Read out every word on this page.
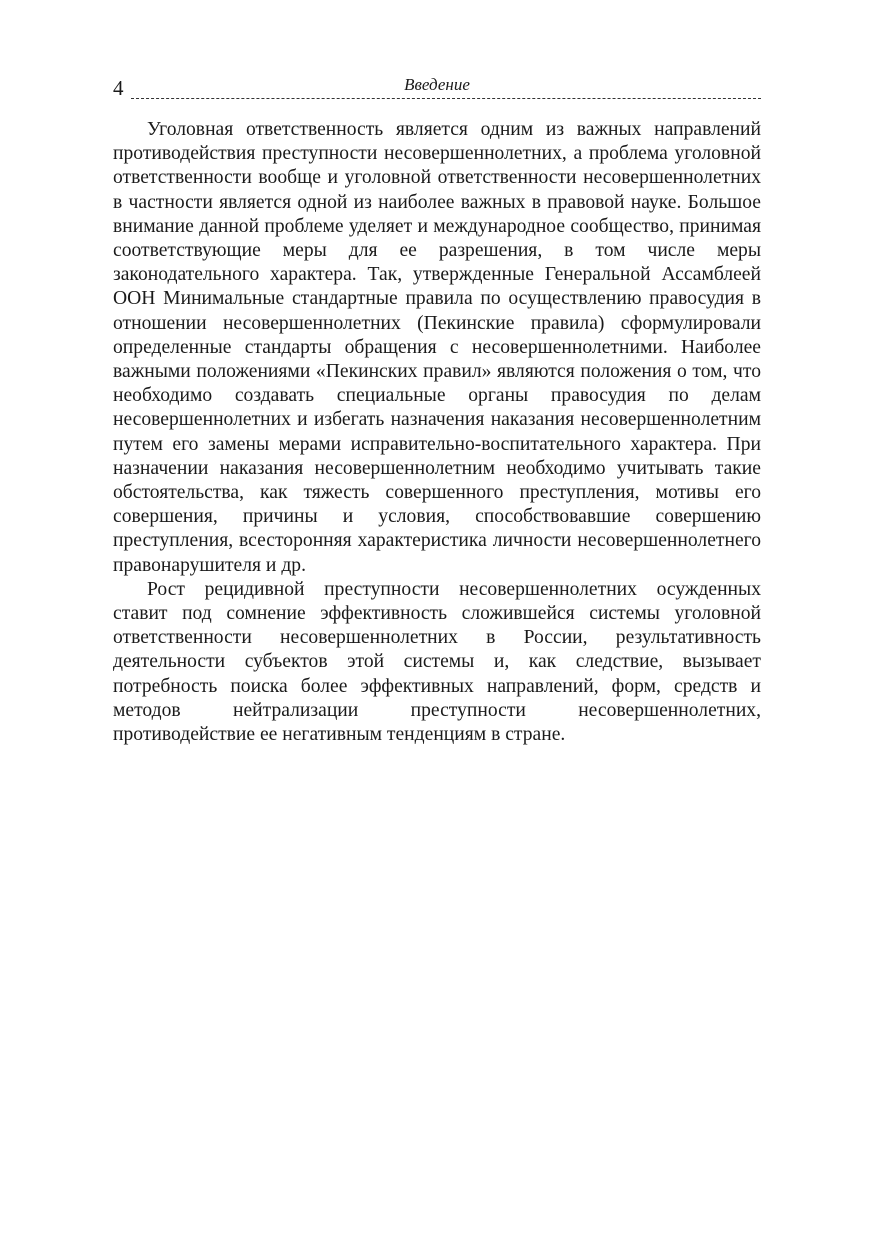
4	Введение

Уголовная ответственность является одним из важных направлений противодействия преступности несовершеннолетних, а проблема уголовной ответственности вообще и уголовной ответственности несовершеннолетних в частности является одной из наиболее важных в правовой науке. Большое внимание данной проблеме уделяет и международное сообщество, принимая соответствующие меры для ее разрешения, в том числе меры законодательного характера. Так, утвержденные Генеральной Ассамблеей ООН Минимальные стандартные правила по осуществлению правосудия в отношении несовершеннолетних (Пекинские правила) сформулировали определенные стандарты обращения с несовершеннолетними. Наиболее важными положениями «Пекинских правил» являются положения о том, что необходимо создавать специальные органы правосудия по делам несовершеннолетних и избегать назначения наказания несовершеннолетним путем его замены мерами исправительно-воспитательного характера. При назначении наказания несовершеннолетним необходимо учитывать такие обстоятельства, как тяжесть совершенного преступления, мотивы его совершения, причины и условия, способствовавшие совершению преступления, всесторонняя характеристика личности несовершеннолетнего правонарушителя и др.

Рост рецидивной преступности несовершеннолетних осужденных ставит под сомнение эффективность сложившейся системы уголовной ответственности несовершеннолетних в России, результативность деятельности субъектов этой системы и, как следствие, вызывает потребность поиска более эффективных направлений, форм, средств и методов нейтрализации преступности несовершеннолетних, противодействие ее негативным тенденциям в стране.
